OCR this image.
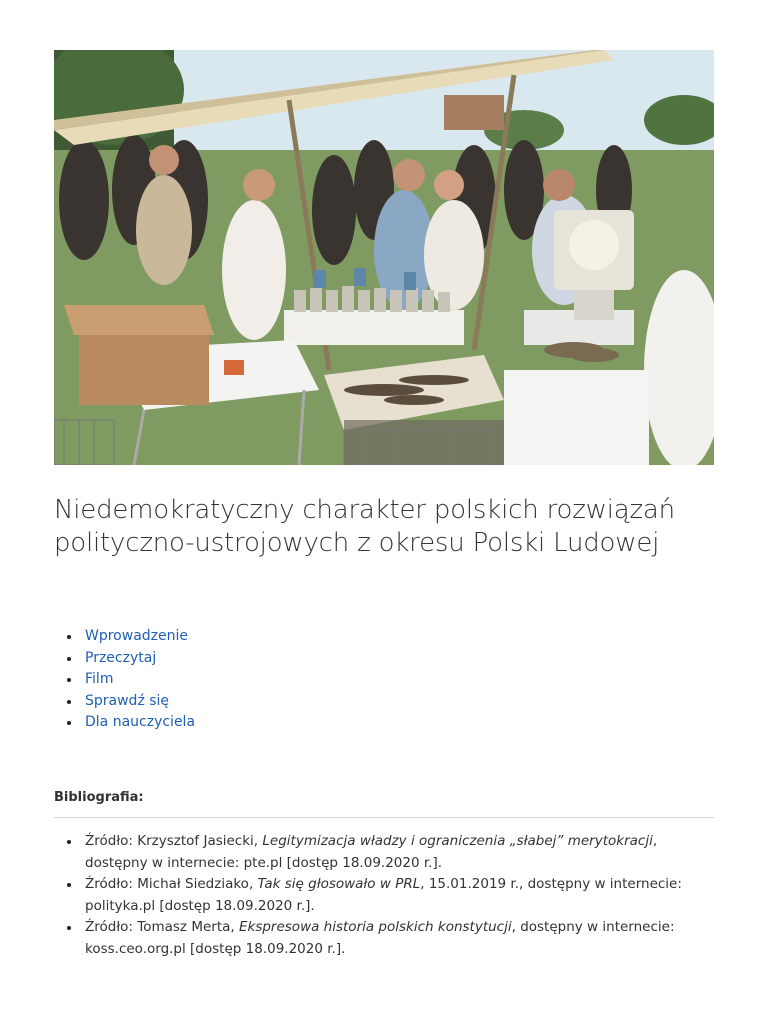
Niedemokratyczny charakter polskich rozwiązań polityczno-ustrojowych z okresu Polski Ludowej
Wprowadzenie
Przeczytaj
Film
Sprawdź się
Dla nauczyciela
Bibliografia:
Źródło: Krzysztof Jasiecki, Legitymizacja władzy i ograniczenia „słabej” merytokracji, dostępny w internecie: pte.pl [dostęp 18.09.2020 r.].
Źródło: Michał Siedziako, Tak się głosowało w PRL, 15.01.2019 r., dostępny w internecie: polityka.pl [dostęp 18.09.2020 r.].
Źródło: Tomasz Merta, Ekspresowa historia polskich konstytucji, dostępny w internecie: koss.ceo.org.pl [dostęp 18.09.2020 r.].
